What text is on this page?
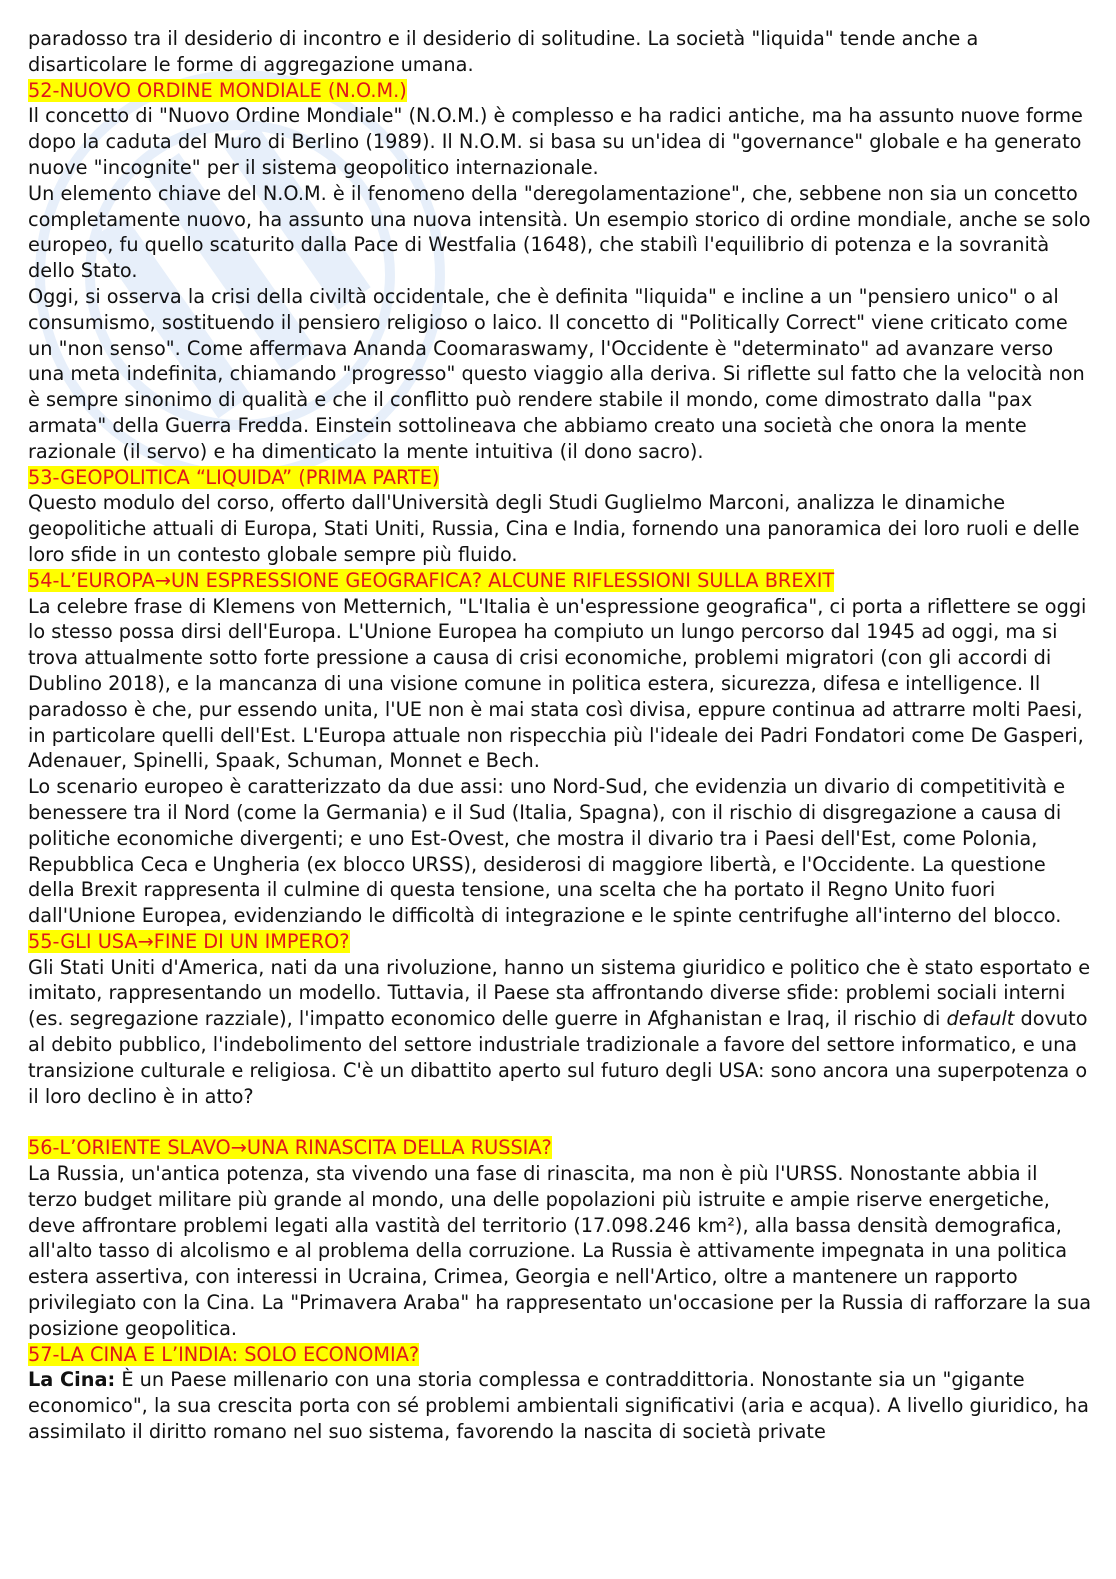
paradosso tra il desiderio di incontro e il desiderio di solitudine. La società "liquida" tende anche a disarticolare le forme di aggregazione umana.

52-NUOVO ORDINE MONDIALE (N.O.M.)

Il concetto di "Nuovo Ordine Mondiale" (N.O.M.) è complesso e ha radici antiche, ma ha assunto nuove forme dopo la caduta del Muro di Berlino (1989). Il N.O.M. si basa su un'idea di "governance" globale e ha generato nuove "incognite" per il sistema geopolitico internazionale.

Un elemento chiave del N.O.M. è il fenomeno della "deregolamentazione", che, sebbene non sia un concetto completamente nuovo, ha assunto una nuova intensità. Un esempio storico di ordine mondiale, anche se solo europeo, fu quello scaturito dalla Pace di Westfalia (1648), che stabilì l'equilibrio di potenza e la sovranità dello Stato.

Oggi, si osserva la crisi della civiltà occidentale, che è definita "liquida" e incline a un "pensiero unico" o al consumismo, sostituendo il pensiero religioso o laico. Il concetto di "Politically Correct" viene criticato come un "non senso". Come affermava Ananda Coomaraswamy, l'Occidente è "determinato" ad avanzare verso una meta indefinita, chiamando "progresso" questo viaggio alla deriva. Si riflette sul fatto che la velocità non è sempre sinonimo di qualità e che il conflitto può rendere stabile il mondo, come dimostrato dalla "pax armata" della Guerra Fredda. Einstein sottolineava che abbiamo creato una società che onora la mente razionale (il servo) e ha dimenticato la mente intuitiva (il dono sacro).

53-GEOPOLITICA “LIQUIDA” (PRIMA PARTE)

Questo modulo del corso, offerto dall'Università degli Studi Guglielmo Marconi, analizza le dinamiche geopolitiche attuali di Europa, Stati Uniti, Russia, Cina e India, fornendo una panoramica dei loro ruoli e delle loro sfide in un contesto globale sempre più fluido.

54-L’EUROPA→UN ESPRESSIONE GEOGRAFICA? ALCUNE RIFLESSIONI SULLA BREXIT

La celebre frase di Klemens von Metternich, "L'Italia è un'espressione geografica", ci porta a riflettere se oggi lo stesso possa dirsi dell'Europa. L'Unione Europea ha compiuto un lungo percorso dal 1945 ad oggi, ma si trova attualmente sotto forte pressione a causa di crisi economiche, problemi migratori (con gli accordi di Dublino 2018), e la mancanza di una visione comune in politica estera, sicurezza, difesa e intelligence. Il paradosso è che, pur essendo unita, l'UE non è mai stata così divisa, eppure continua ad attrarre molti Paesi, in particolare quelli dell'Est. L'Europa attuale non rispecchia più l'ideale dei Padri Fondatori come De Gasperi, Adenauer, Spinelli, Spaak, Schuman, Monnet e Bech.

Lo scenario europeo è caratterizzato da due assi: uno Nord-Sud, che evidenzia un divario di competitività e benessere tra il Nord (come la Germania) e il Sud (Italia, Spagna), con il rischio di disgregazione a causa di politiche economiche divergenti; e uno Est-Ovest, che mostra il divario tra i Paesi dell'Est, come Polonia, Repubblica Ceca e Ungheria (ex blocco URSS), desiderosi di maggiore libertà, e l'Occidente. La questione della Brexit rappresenta il culmine di questa tensione, una scelta che ha portato il Regno Unito fuori dall'Unione Europea, evidenziando le difficoltà di integrazione e le spinte centrifughe all'interno del blocco.

55-GLI USA→FINE DI UN IMPERO?

Gli Stati Uniti d'America, nati da una rivoluzione, hanno un sistema giuridico e politico che è stato esportato e imitato, rappresentando un modello. Tuttavia, il Paese sta affrontando diverse sfide: problemi sociali interni (es. segregazione razziale), l'impatto economico delle guerre in Afghanistan e Iraq, il rischio di default dovuto al debito pubblico, l'indebolimento del settore industriale tradizionale a favore del settore informatico, e una transizione culturale e religiosa. C'è un dibattito aperto sul futuro degli USA: sono ancora una superpotenza o il loro declino è in atto?

56-L’ORIENTE SLAVO→UNA RINASCITA DELLA RUSSIA?

La Russia, un'antica potenza, sta vivendo una fase di rinascita, ma non è più l'URSS. Nonostante abbia il terzo budget militare più grande al mondo, una delle popolazioni più istruite e ampie riserve energetiche, deve affrontare problemi legati alla vastità del territorio (17.098.246 km²), alla bassa densità demografica, all'alto tasso di alcolismo e al problema della corruzione. La Russia è attivamente impegnata in una politica estera assertiva, con interessi in Ucraina, Crimea, Georgia e nell'Artico, oltre a mantenere un rapporto privilegiato con la Cina. La "Primavera Araba" ha rappresentato un'occasione per la Russia di rafforzare la sua posizione geopolitica.

57-LA CINA E L’INDIA: SOLO ECONOMIA?

La Cina: È un Paese millenario con una storia complessa e contraddittoria. Nonostante sia un "gigante economico", la sua crescita porta con sé problemi ambientali significativi (aria e acqua). A livello giuridico, ha assimilato il diritto romano nel suo sistema, favorendo la nascita di società private
